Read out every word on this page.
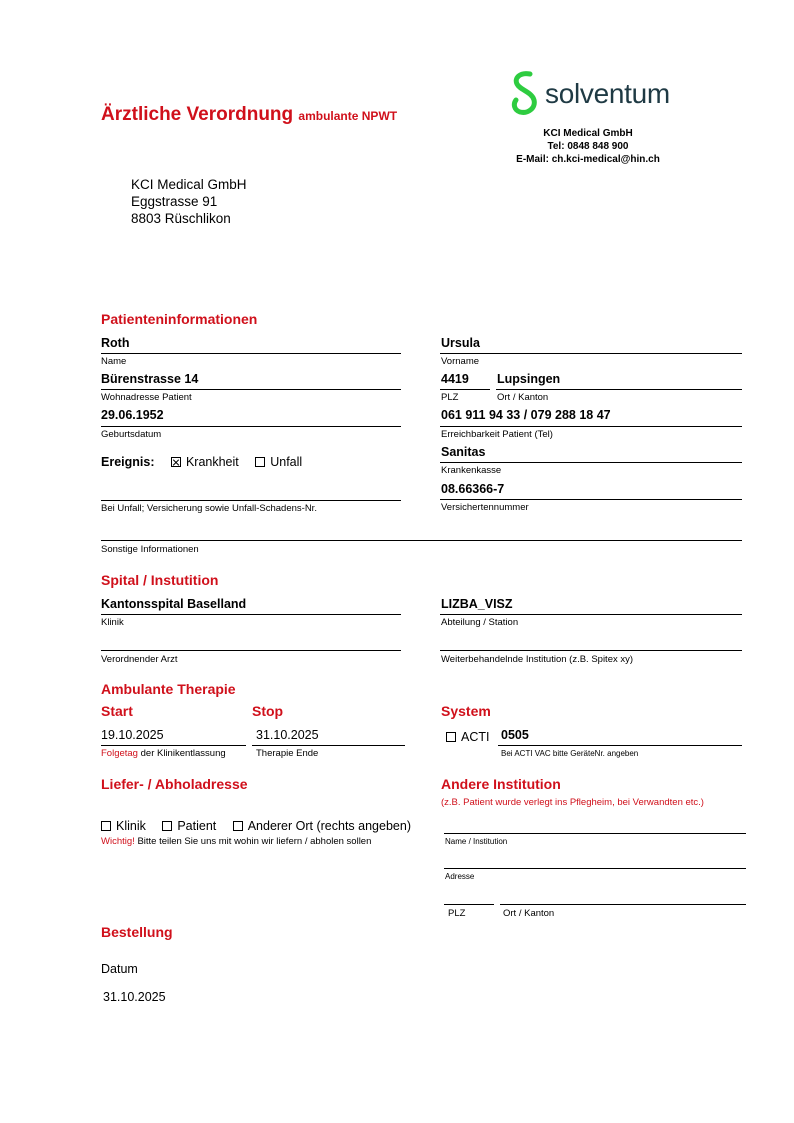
Ärztliche Verordnung ambulante NPWT
solventum
KCI Medical GmbH
Tel: 0848 848 900
E-Mail: ch.kci-medical@hin.ch
KCI Medical GmbH
Eggstrasse 91
8803 Rüschlikon
Patienteninformationen
Roth
Name
Ursula
Vorname
Bürenstrasse 14
Wohnadresse Patient
4419
PLZ
Lupsingen
Ort / Kanton
29.06.1952
Geburtsdatum
061 911 94 33 / 079 288 18 47
Erreichbarkeit Patient (Tel)
Ereignis:	Krankheit	Unfall
Sanitas
Krankenkasse
08.66366-7
Versichertennummer
Bei Unfall; Versicherung sowie Unfall-Schadens-Nr.
Sonstige Informationen
Spital / Instutition
Kantonsspital Baselland
Klinik
LIZBA_VISZ
Abteilung / Station
Verordnender Arzt	Weiterbehandelnde Institution (z.B. Spitex xy)
Ambulante Therapie
Start	Stop	System
19.10.2025
Folgetag der Klinikentlassung
31.10.2025
Therapie Ende
ACTI 0505
Bei ACTI VAC bitte GeräteNr. angeben
Liefer- / Abholadresse
Klinik	Patient	Anderer Ort (rechts angeben)
Wichtig! Bitte teilen Sie uns mit wohin wir liefern / abholen sollen
Andere Institution
(z.B. Patient wurde verlegt ins Pflegheim, bei Verwandten etc.)
Name / Institution
Adresse
PLZ	Ort / Kanton
Bestellung
Datum
31.10.2025
